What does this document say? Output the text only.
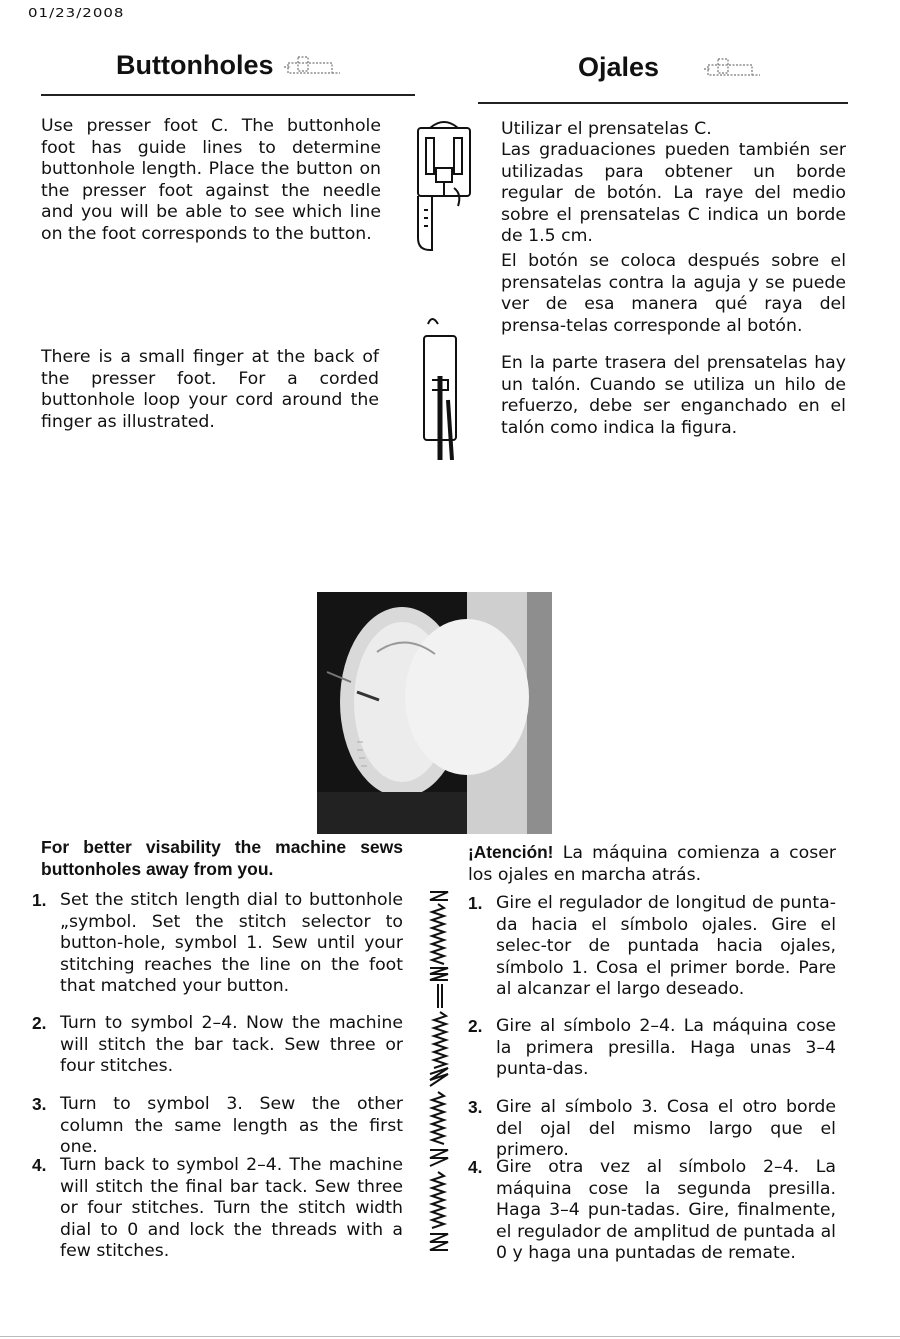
01/23/2008
Buttonholes	Ojales
Use presser foot C. The buttonhole foot has guide lines to determine buttonhole length. Place the button on the presser foot against the needle and you will be able to see which line on the foot corresponds to the button.
There is a small finger at the back of the presser foot. For a corded buttonhole loop your cord around the finger as illustrated.
Utilizar el prensatelas C.
Las graduaciones pueden también ser utilizadas para obtener un borde regular de botón. La raye del medio sobre el prensatelas C indica un borde de 1.5 cm.
El botón se coloca después sobre el prensatelas contra la aguja y se puede ver de esa manera qué raya del prensa-telas corresponde al botón.
En la parte trasera del prensatelas hay un talón. Cuando se utiliza un hilo de refuerzo, debe ser enganchado en el talón como indica la figura.
For better visability the machine sews buttonholes away from you.
1. Set the stitch length dial to buttonhole „symbol. Set the stitch selector to button-hole, symbol 1. Sew until your stitching reaches the line on the foot that matched your button.
2. Turn to symbol 2–4. Now the machine will stitch the bar tack. Sew three or four stitches.
3. Turn to symbol 3. Sew the other column the same length as the first one.
4. Turn back to symbol 2–4. The machine will stitch the final bar tack. Sew three or four stitches. Turn the stitch width dial to 0 and lock the threads with a few stitches.
¡Atención! La máquina comienza a coser los ojales en marcha atrás.
1. Gire el regulador de longitud de punta-da hacia el símbolo ojales. Gire el selec-tor de puntada hacia ojales, símbolo 1. Cosa el primer borde. Pare al alcanzar el largo deseado.
2. Gire al símbolo 2–4. La máquina cose la primera presilla. Haga unas 3–4 punta-das.
3. Gire al símbolo 3. Cosa el otro borde del ojal del mismo largo que el primero.
4. Gire otra vez al símbolo 2–4. La máquina cose la segunda presilla. Haga 3–4 pun-tadas. Gire, finalmente, el regulador de amplitud de puntada al 0 y haga una puntadas de remate.
